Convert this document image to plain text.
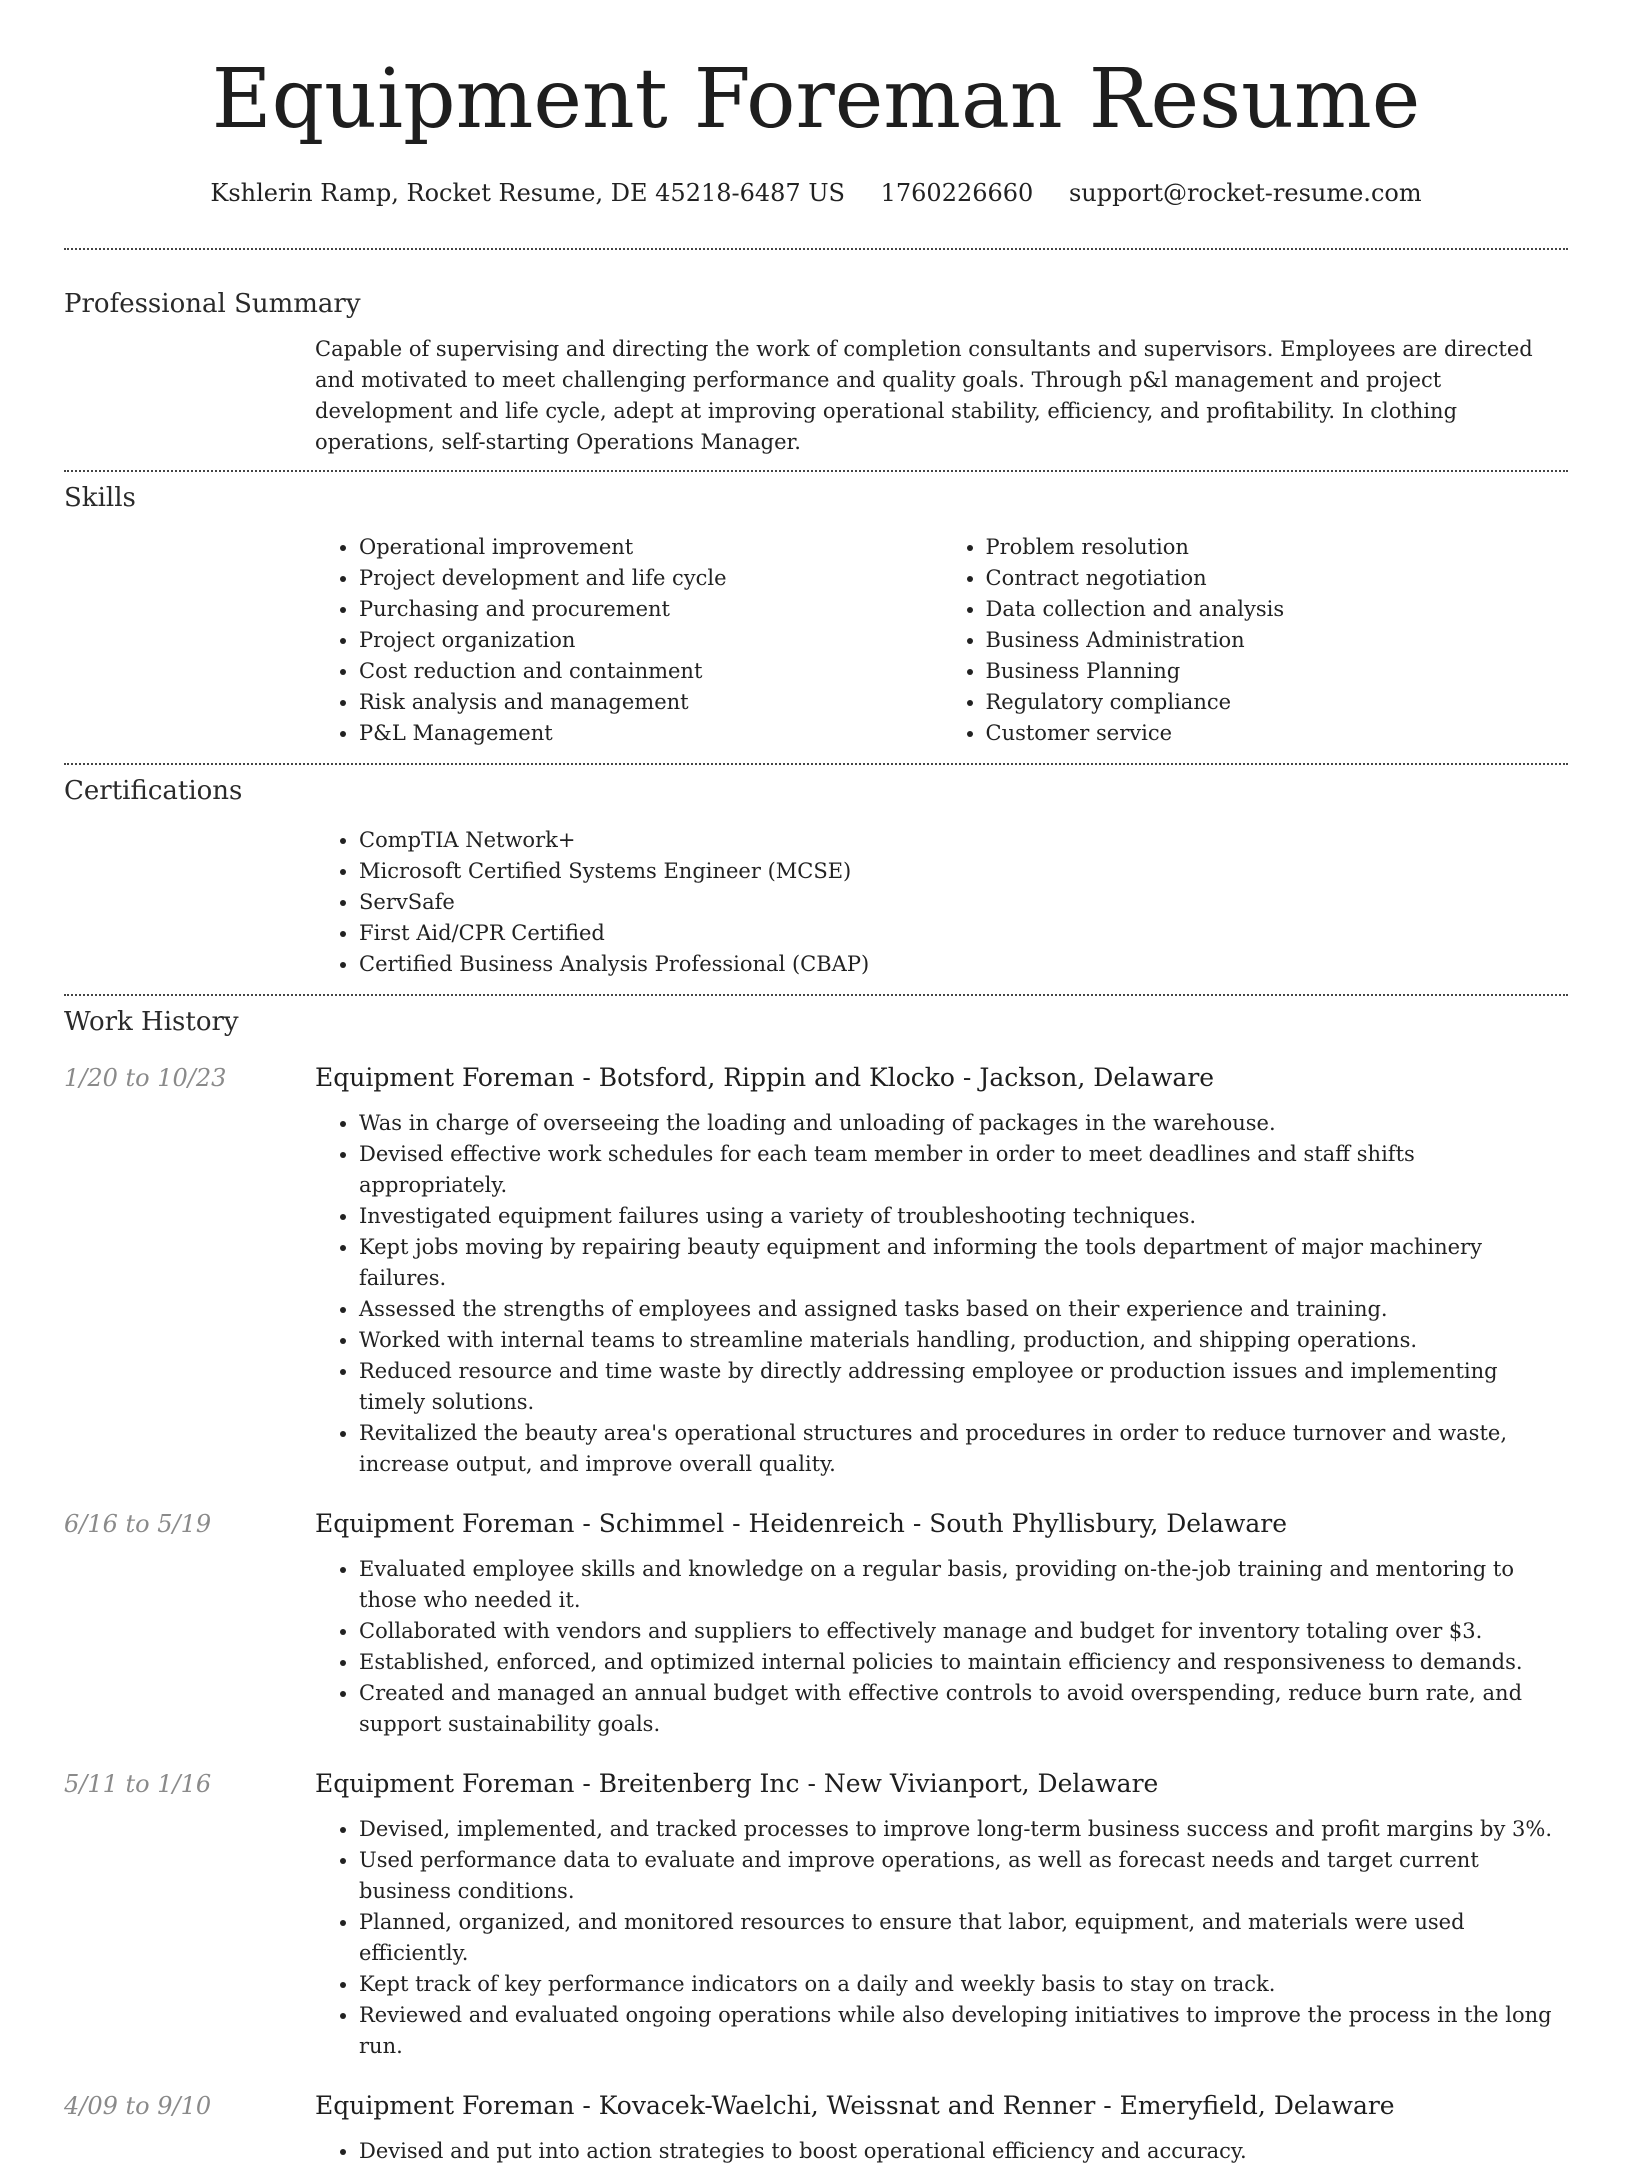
Equipment Foreman Resume
Kshlerin Ramp, Rocket Resume, DE 45218-6487 US 1760226660 support@rocket-resume.com
Professional Summary

Capable of supervising and directing the work of completion consultants and supervisors. Employees are directed and motivated to meet challenging performance and quality goals. Through p&l management and project development and life cycle, adept at improving operational stability, efficiency, and profitability. In clothing operations, self-starting Operations Manager.

Skills
• Operational improvement
• Project development and life cycle
• Purchasing and procurement
• Project organization
• Cost reduction and containment
• Risk analysis and management
• P&L Management
• Problem resolution
• Contract negotiation
• Data collection and analysis
• Business Administration
• Business Planning
• Regulatory compliance
• Customer service
Certifications
• CompTIA Network+
• Microsoft Certified Systems Engineer (MCSE)
• ServSafe
• First Aid/CPR Certified
• Certified Business Analysis Professional (CBAP)
Work History
1/20 to 10/23	Equipment Foreman - Botsford, Rippin and Klocko - Jackson, Delaware
• Was in charge of overseeing the loading and unloading of packages in the warehouse.
• Devised effective work schedules for each team member in order to meet deadlines and staff shifts appropriately.
• Investigated equipment failures using a variety of troubleshooting techniques.
• Kept jobs moving by repairing beauty equipment and informing the tools department of major machinery failures.
• Assessed the strengths of employees and assigned tasks based on their experience and training.
• Worked with internal teams to streamline materials handling, production, and shipping operations.
• Reduced resource and time waste by directly addressing employee or production issues and implementing timely solutions.
• Revitalized the beauty area's operational structures and procedures in order to reduce turnover and waste, increase output, and improve overall quality.
6/16 to 5/19	Equipment Foreman - Schimmel - Heidenreich - South Phyllisbury, Delaware
• Evaluated employee skills and knowledge on a regular basis, providing on-the-job training and mentoring to those who needed it.
• Collaborated with vendors and suppliers to effectively manage and budget for inventory totaling over $3.
• Established, enforced, and optimized internal policies to maintain efficiency and responsiveness to demands.
• Created and managed an annual budget with effective controls to avoid overspending, reduce burn rate, and support sustainability goals.
5/11 to 1/16	Equipment Foreman - Breitenberg Inc - New Vivianport, Delaware
• Devised, implemented, and tracked processes to improve long-term business success and profit margins by 3%.
• Used performance data to evaluate and improve operations, as well as forecast needs and target current business conditions.
• Planned, organized, and monitored resources to ensure that labor, equipment, and materials were used efficiently.
• Kept track of key performance indicators on a daily and weekly basis to stay on track.
• Reviewed and evaluated ongoing operations while also developing initiatives to improve the process in the long run.
4/09 to 9/10	Equipment Foreman - Kovacek-Waelchi, Weissnat and Renner - Emeryfield, Delaware
• Devised and put into action strategies to boost operational efficiency and accuracy.
